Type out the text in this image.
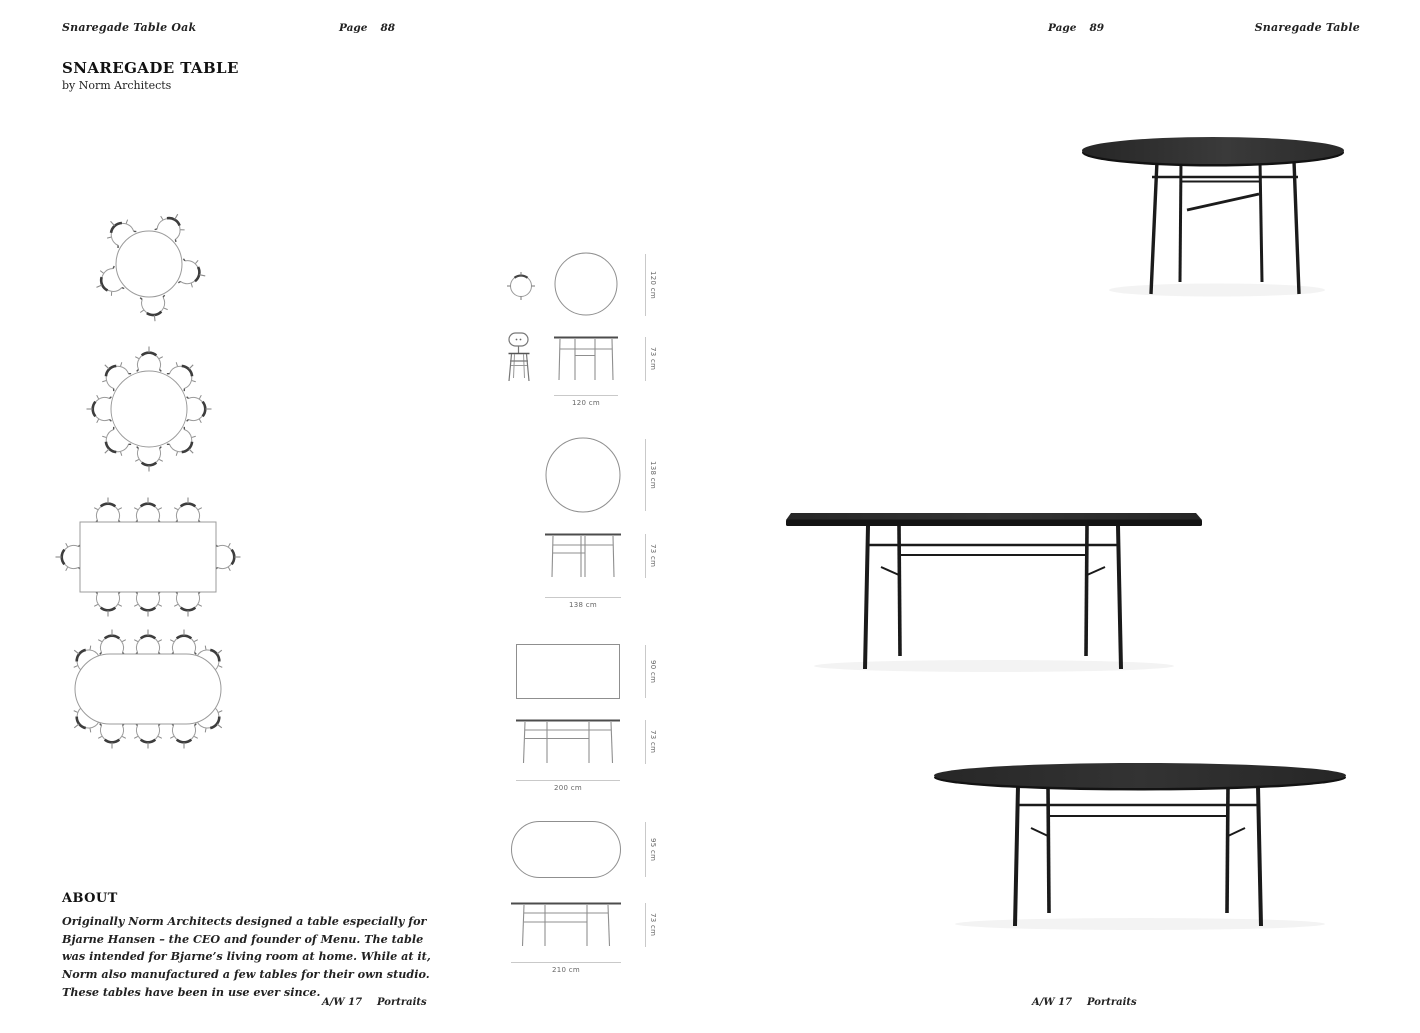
Snaregade Table Oak	Page 88	Page 89	Snaregade Table
SNAREGADE TABLE
by Norm Architects
120 cm
73 cm
120 cm
138 cm
73 cm
138 cm
90 cm
73 cm
200 cm
95 cm
73 cm
210 cm
ABOUT
Originally Norm Architects designed a table especially for Bjarne Hansen – the CEO and founder of Menu. The table was intended for Bjarne’s living room at home. While at it, Norm also manufactured a few tables for their own studio. These tables have been in use ever since.
A/W 17 Portraits	A/W 17 Portraits
